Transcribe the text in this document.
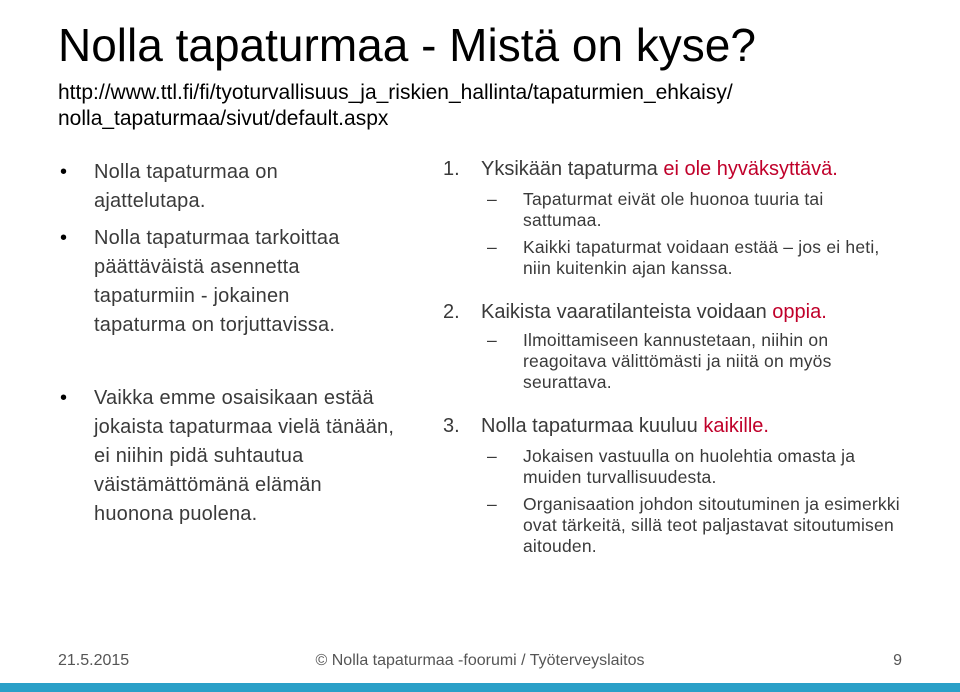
Nolla tapaturmaa - Mistä on kyse?
http://www.ttl.fi/fi/tyoturvallisuus_ja_riskien_hallinta/tapaturmien_ehkaisy/
nolla_tapaturmaa/sivut/default.aspx
• Nolla tapaturmaa on ajattelutapa.
• Nolla tapaturmaa tarkoittaa päättäväistä asennetta tapaturmiin - jokainen tapaturma on torjuttavissa.
• Vaikka emme osaisikaan estää jokaista tapaturmaa vielä tänään, ei niihin pidä suhtautua väistämättömänä elämän huonona puolena.
1. Yksikään tapaturma ei ole hyväksyttävä.
– Tapaturmat eivät ole huonoa tuuria tai sattumaa.
– Kaikki tapaturmat voidaan estää – jos ei heti, niin kuitenkin ajan kanssa.
2. Kaikista vaaratilanteista voidaan oppia.
– Ilmoittamiseen kannustetaan, niihin on reagoitava välittömästi ja niitä on myös seurattava.
3. Nolla tapaturmaa kuuluu kaikille.
– Jokaisen vastuulla on huolehtia omasta ja muiden turvallisuudesta.
– Organisaation johdon sitoutuminen ja esimerkki ovat tärkeitä, sillä teot paljastavat sitoutumisen aitouden.
21.5.2015	© Nolla tapaturmaa -foorumi / Työterveyslaitos	9
